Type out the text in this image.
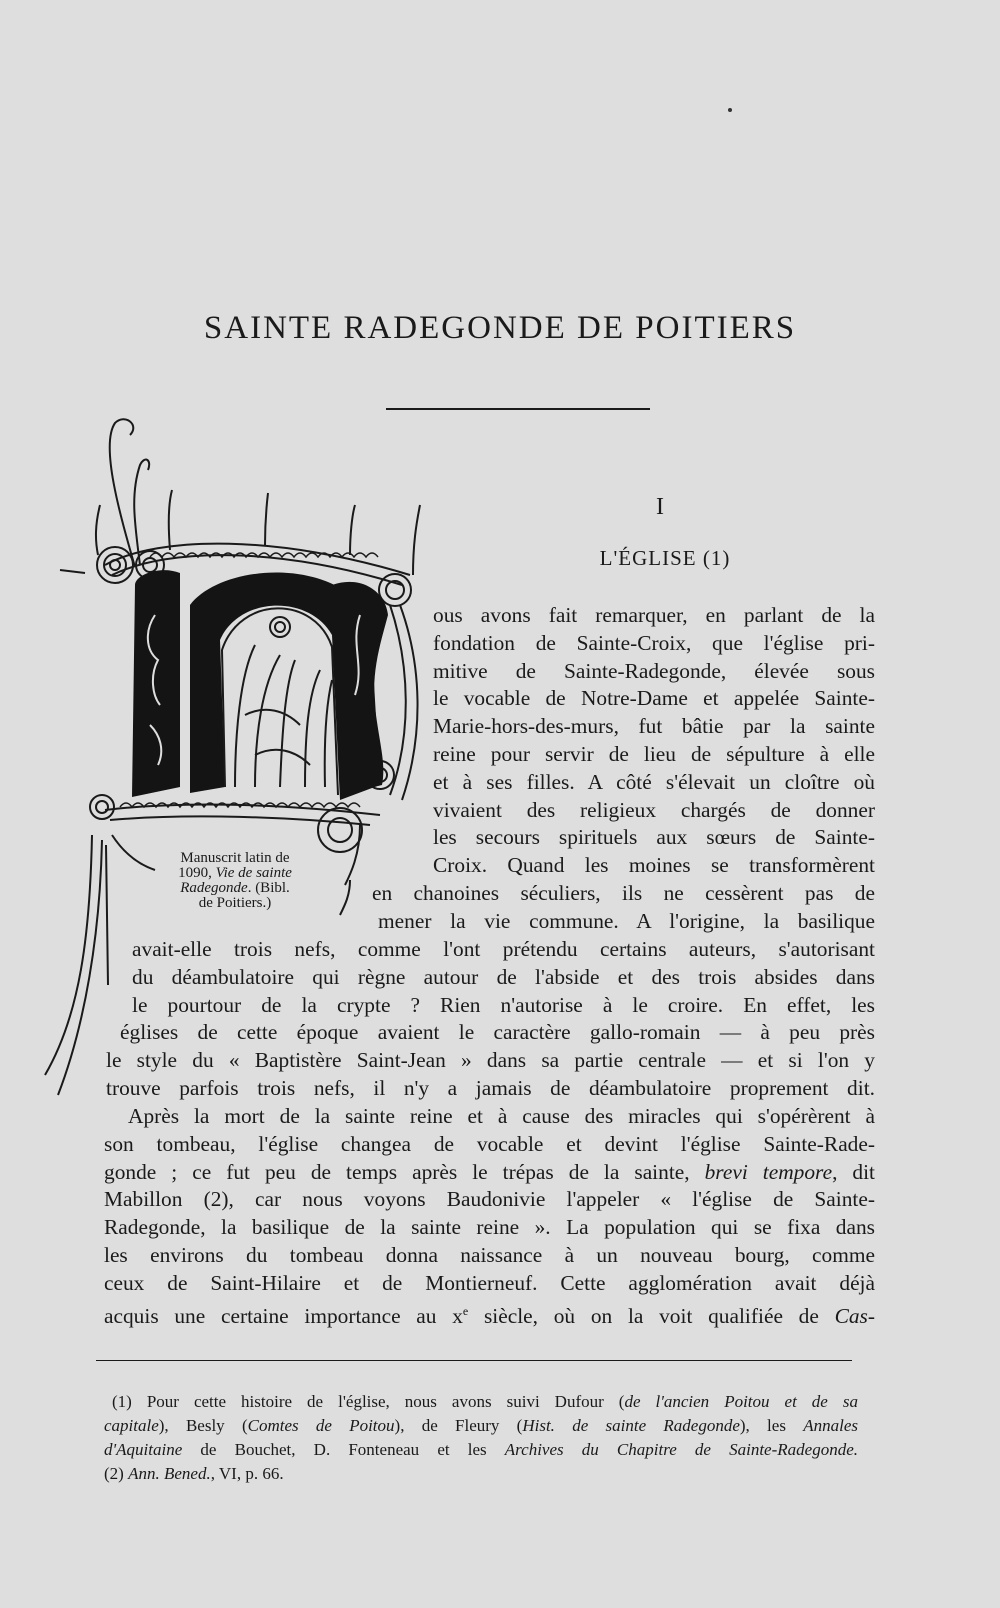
SAINTE RADEGONDE DE POITIERS
I
L'ÉGLISE (1)
Manuscrit latin de
1090, Vie de sainte
Radegonde. (Bibl.
de Poitiers.)
ous avons fait remarquer, en parlant de la
fondation de Sainte-Croix, que l'église pri-
mitive de Sainte-Radegonde, élevée sous
le vocable de Notre-Dame et appelée Sainte-
Marie-hors-des-murs, fut bâtie par la sainte
reine pour servir de lieu de sépulture à elle
et à ses filles. A côté s'élevait un cloître où
vivaient des religieux chargés de donner
les secours spirituels aux sœurs de Sainte-
Croix. Quand les moines se transformèrent
en chanoines séculiers, ils ne cessèrent pas de
mener la vie commune. A l'origine, la basilique
avait-elle trois nefs, comme l'ont prétendu certains auteurs, s'autorisant
du déambulatoire qui règne autour de l'abside et des trois absides dans
le pourtour de la crypte ? Rien n'autorise à le croire. En effet, les
églises de cette époque avaient le caractère gallo-romain — à peu près
le style du « Baptistère Saint-Jean » dans sa partie centrale — et si l'on y
trouve parfois trois nefs, il n'y a jamais de déambulatoire proprement dit.
Après la mort de la sainte reine et à cause des miracles qui s'opérèrent à
son tombeau, l'église changea de vocable et devint l'église Sainte-Rade-
gonde ; ce fut peu de temps après le trépas de la sainte, brevi tempore, dit
Mabillon (2), car nous voyons Baudonivie l'appeler « l'église de Sainte-
Radegonde, la basilique de la sainte reine ». La population qui se fixa dans
les environs du tombeau donna naissance à un nouveau bourg, comme
ceux de Saint-Hilaire et de Montierneuf. Cette agglomération avait déjà
acquis une certaine importance au $x^e$ siècle, où on la voit qualifiée de Cas-
(1) Pour cette histoire de l'église, nous avons suivi Dufour (de l'ancien Poitou et de sa
capitale), Besly (Comtes de Poitou), de Fleury (Hist. de sainte Radegonde), les Annales
d'Aquitaine de Bouchet, D. Fonteneau et les Archives du Chapitre de Sainte-Radegonde.
(2) Ann. Bened., VI, p. 66.
